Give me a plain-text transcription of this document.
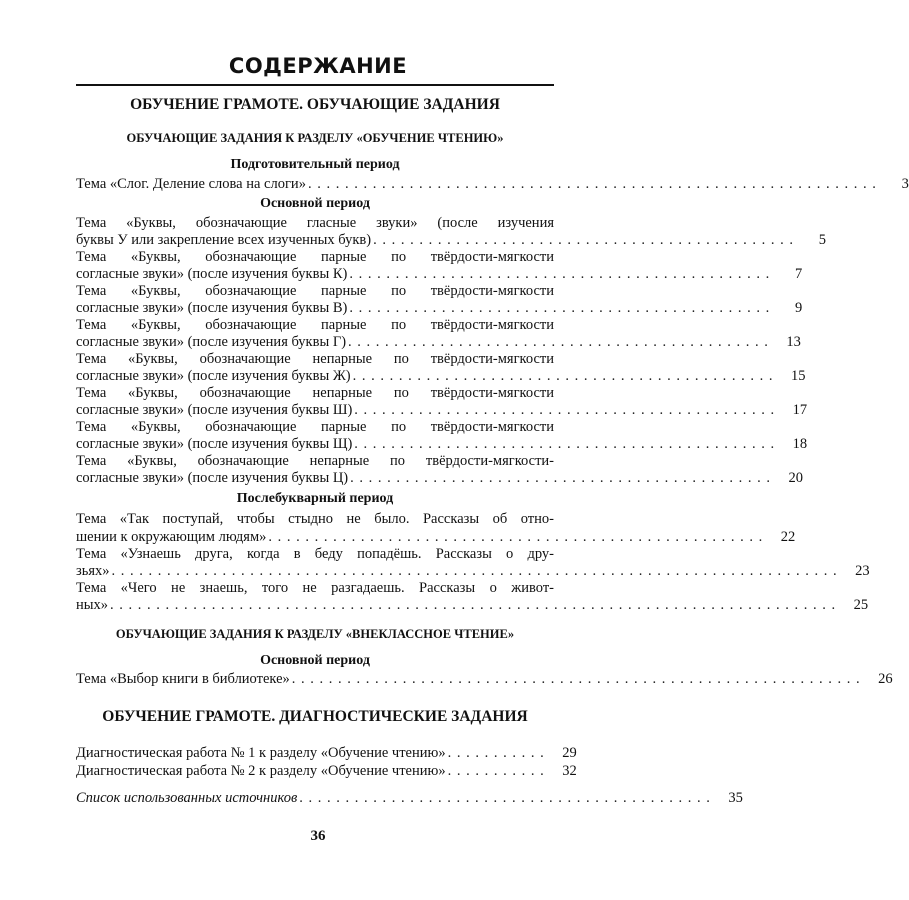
СОДЕРЖАНИЕ
ОБУЧЕНИЕ ГРАМОТЕ. ОБУЧАЮЩИЕ ЗАДАНИЯ
ОБУЧАЮЩИЕ ЗАДАНИЯ К РАЗДЕЛУ «ОБУЧЕНИЕ ЧТЕНИЮ»
Подготовительный период
Тема «Слог. Деление слова на слоги» . . . . . . . . . . . . . . . . . . . . . . . . . . . . . . . . . . . . . . . . . . . . . . . . . . . . . . . . . . . . . .	3
Основной период
Тема «Буквы, обозначающие гласные звуки» (после изучения
буквы У или закрепление всех изученных букв) . . . . . . . . . . . . . . . . . . . . . . . . . . . . . . . . . . . . . . . . . . . . . .	5
Тема «Буквы, обозначающие парные по твёрдости-мягкости
согласные звуки» (после изучения буквы К) . . . . . . . . . . . . . . . . . . . . . . . . . . . . . . . . . . . . . . . . . . . . . .	7
Тема «Буквы, обозначающие парные по твёрдости-мягкости
согласные звуки» (после изучения буквы В) . . . . . . . . . . . . . . . . . . . . . . . . . . . . . . . . . . . . . . . . . . . . . .	9
Тема «Буквы, обозначающие парные по твёрдости-мягкости
согласные звуки» (после изучения буквы Г) . . . . . . . . . . . . . . . . . . . . . . . . . . . . . . . . . . . . . . . . . . . . . .	13
Тема «Буквы, обозначающие непарные по твёрдости-мягкости
согласные звуки» (после изучения буквы Ж) . . . . . . . . . . . . . . . . . . . . . . . . . . . . . . . . . . . . . . . . . . . . . .	15
Тема «Буквы, обозначающие непарные по твёрдости-мягкости
согласные звуки» (после изучения буквы Ш) . . . . . . . . . . . . . . . . . . . . . . . . . . . . . . . . . . . . . . . . . . . . . .	17
Тема «Буквы, обозначающие парные по твёрдости-мягкости
согласные звуки» (после изучения буквы Щ) . . . . . . . . . . . . . . . . . . . . . . . . . . . . . . . . . . . . . . . . . . . . . .	18
Тема «Буквы, обозначающие непарные по твёрдости-мягкости-
согласные звуки» (после изучения буквы Ц) . . . . . . . . . . . . . . . . . . . . . . . . . . . . . . . . . . . . . . . . . . . . . .	20
Послебукварный период
Тема «Так поступай, чтобы стыдно не было. Рассказы об отно-
шении к окружающим людям» . . . . . . . . . . . . . . . . . . . . . . . . . . . . . . . . . . . . . . . . . . . . . . . . . . . . . .	22
Тема «Узнаешь друга, когда в беду попадёшь. Рассказы о дру-
зьях» . . . . . . . . . . . . . . . . . . . . . . . . . . . . . . . . . . . . . . . . . . . . . . . . . . . . . . . . . . . . . . . . . . . . . . . . . . . . . . .	23
Тема «Чего не знаешь, того не разгадаешь. Рассказы о живот-
ных» . . . . . . . . . . . . . . . . . . . . . . . . . . . . . . . . . . . . . . . . . . . . . . . . . . . . . . . . . . . . . . . . . . . . . . . . . . . . . . .	25
ОБУЧАЮЩИЕ ЗАДАНИЯ К РАЗДЕЛУ «ВНЕКЛАССНОЕ ЧТЕНИЕ»
Основной период
Тема «Выбор книги в библиотеке» . . . . . . . . . . . . . . . . . . . . . . . . . . . . . . . . . . . . . . . . . . . . . . . . . . . . . . . . . . . . . .	26
ОБУЧЕНИЕ ГРАМОТЕ. ДИАГНОСТИЧЕСКИЕ ЗАДАНИЯ
Диагностическая работа № 1 к разделу «Обучение чтению» . . . . . . . . . . .	29
Диагностическая работа № 2 к разделу «Обучение чтению» . . . . . . . . . . .	32
Список использованных источников . . . . . . . . . . . . . . . . . . . . . . . . . . . . . . . . . . . . . . . . . . . . .	35
36
